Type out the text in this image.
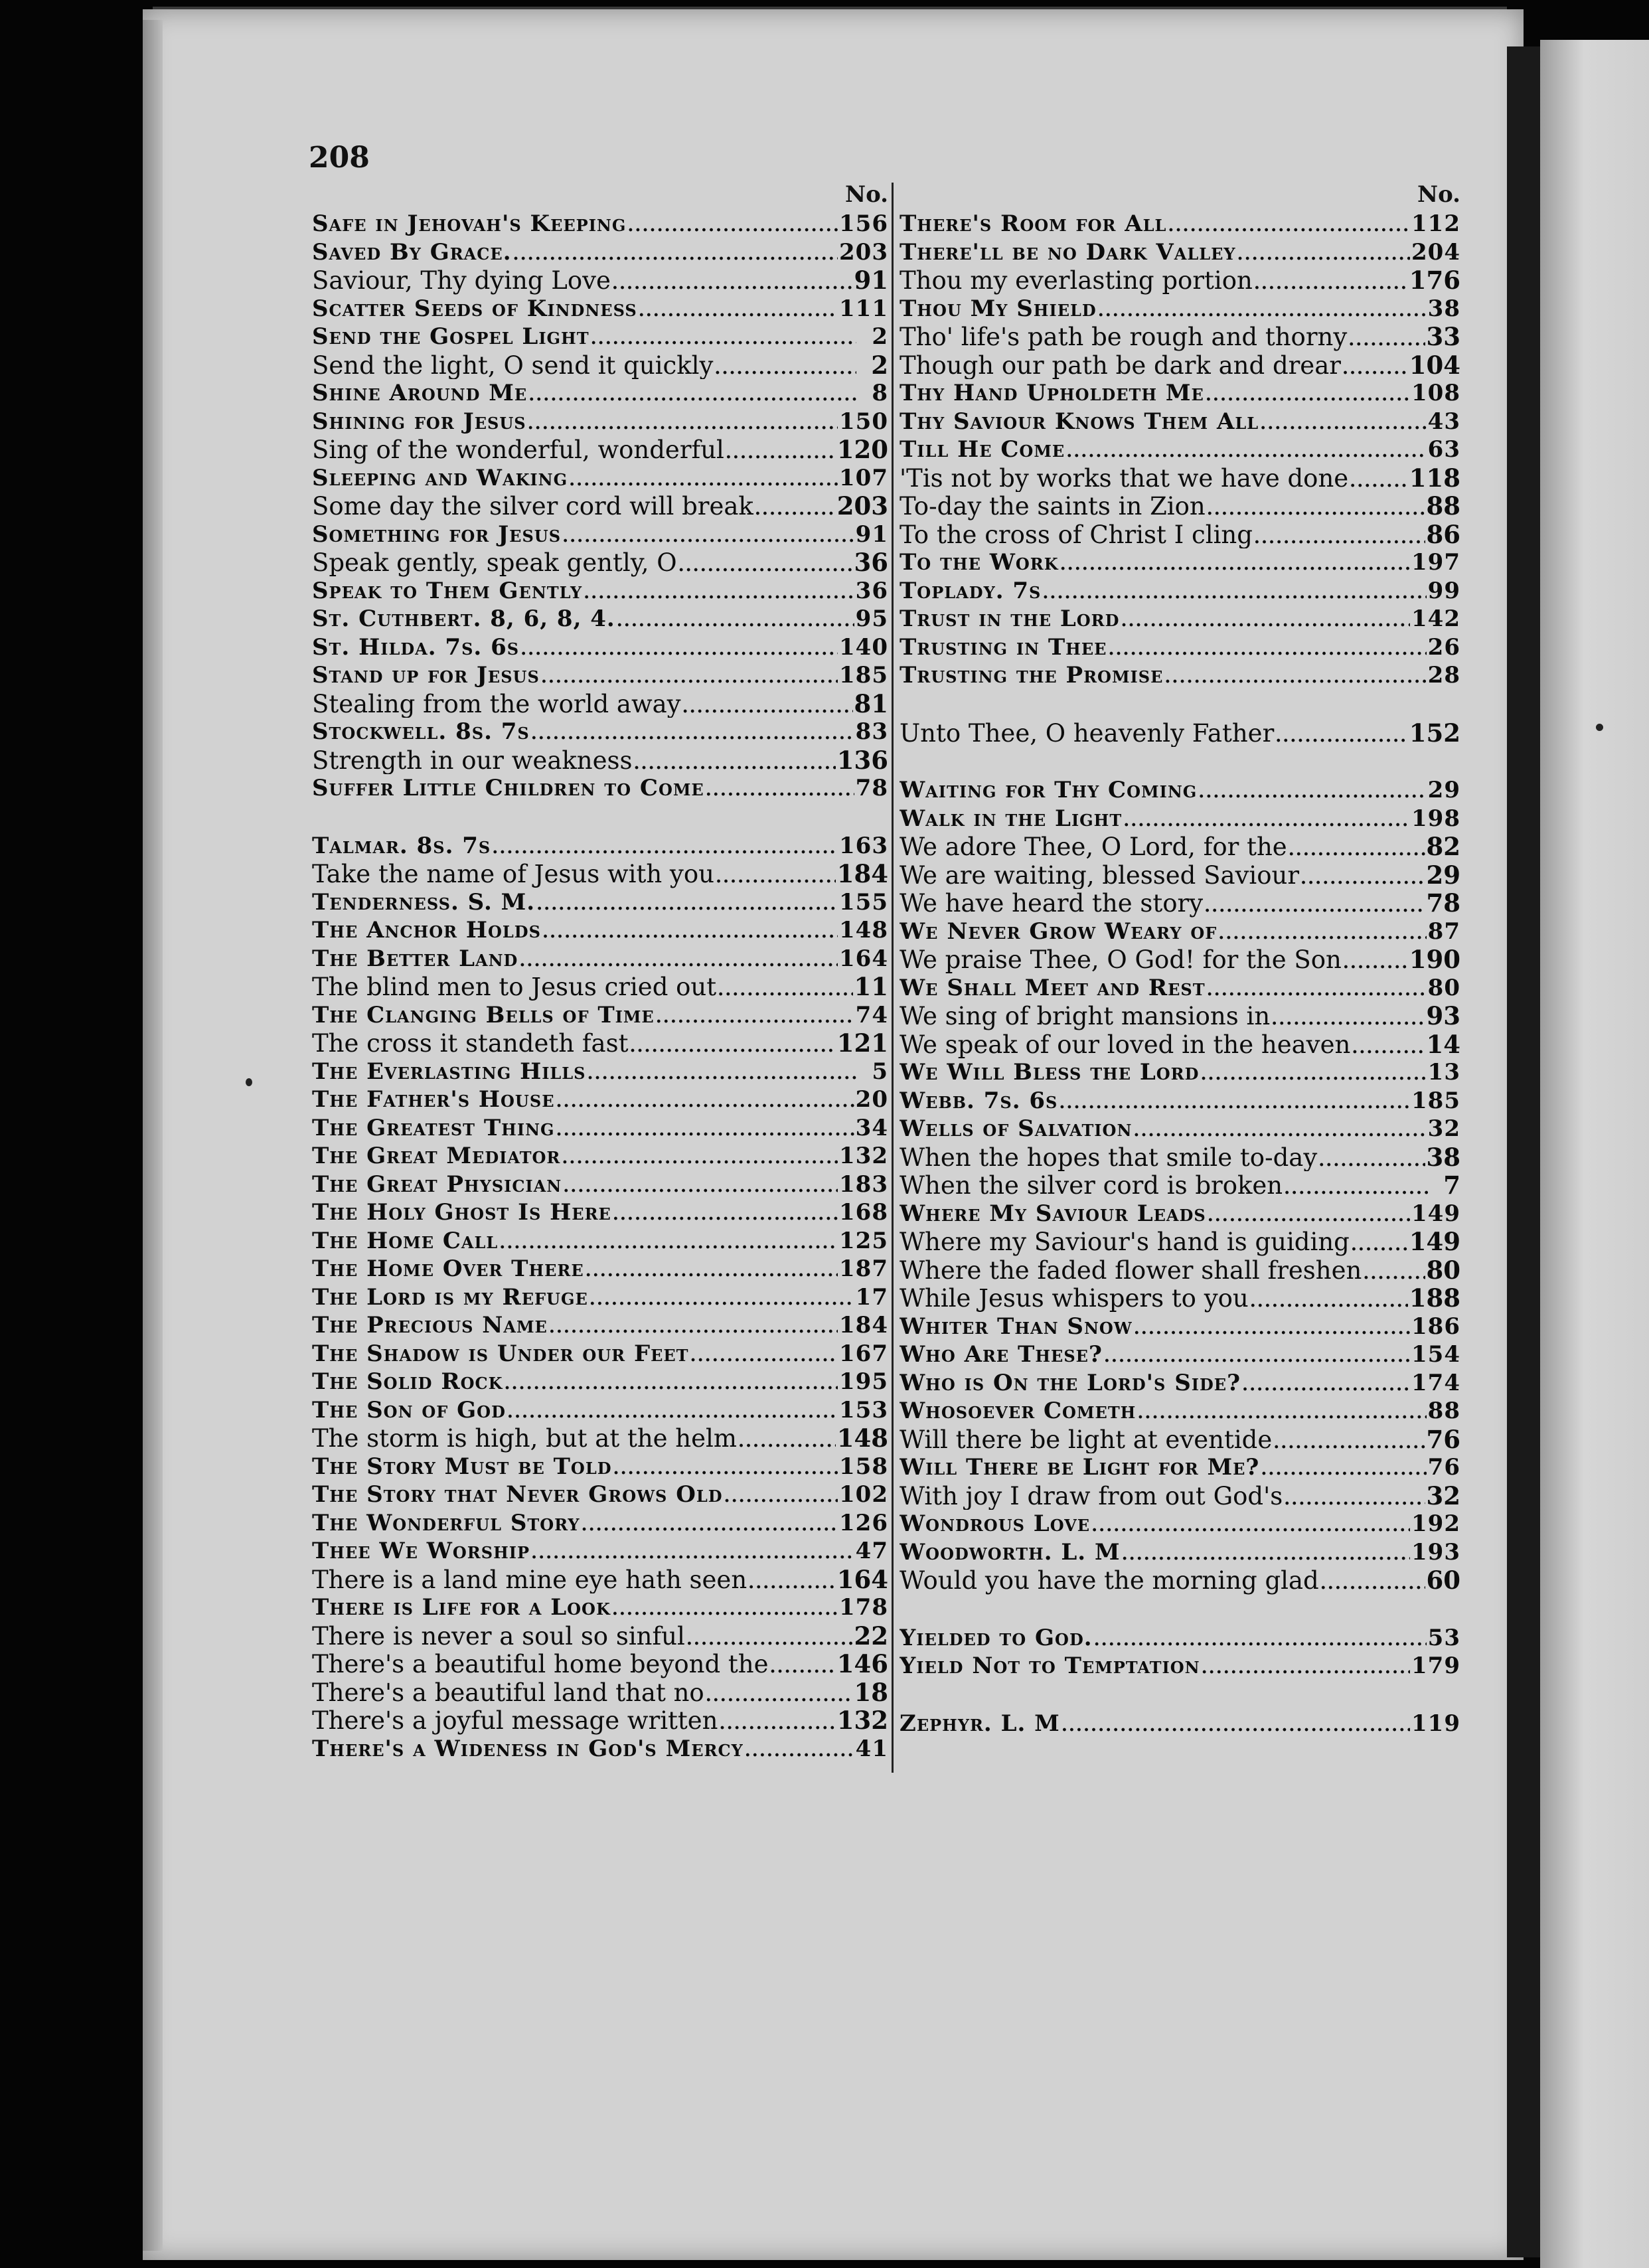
208
No.
Safe in Jehovah's Keeping .....	156
Saved By Grace. .....	203
Saviour, Thy dying Love .....	91
Scatter Seeds of Kindness .....	111
Send the Gospel Light .....	2
Send the light, O send it quickly .....	2
Shine Around Me .....	8
Shining for Jesus .....	150
Sing of the wonderful, wonderful .....	120
Sleeping and Waking .....	107
Some day the silver cord will break .....	203
Something for Jesus .....	91
Speak gently, speak gently, O .....	36
Speak to Them Gently .....	36
St. Cuthbert. 8, 6, 8, 4. .....	95
St. Hilda. 7s. 6s .....	140
Stand up for Jesus .....	185
Stealing from the world away .....	81
Stockwell. 8s. 7s .....	83
Strength in our weakness .....	136
Suffer Little Children to Come .....	78
Talmar. 8s. 7s .....	163
Take the name of Jesus with you .....	184
Tenderness. S. M. .....	155
The Anchor Holds .....	148
The Better Land .....	164
The blind men to Jesus cried out .....	11
The Clanging Bells of Time .....	74
The cross it standeth fast .....	121
The Everlasting Hills .....	5
The Father's House .....	20
The Greatest Thing .....	34
The Great Mediator .....	132
The Great Physician .....	183
The Holy Ghost Is Here .....	168
The Home Call .....	125
The Home Over There .....	187
The Lord is my Refuge .....	17
The Precious Name .....	184
The Shadow is Under our Feet .....	167
The Solid Rock .....	195
The Son of God .....	153
The storm is high, but at the helm .....	148
The Story Must be Told .....	158
The Story that Never Grows Old .....	102
The Wonderful Story .....	126
Thee We Worship .....	47
There is a land mine eye hath seen .....	164
There is Life for a Look .....	178
There is never a soul so sinful .....	22
There's a beautiful home beyond the .....	146
There's a beautiful land that no .....	18
There's a joyful message written .....	132
There's a Wideness in God's Mercy .....	41
No.
There's Room for All .....	112
There'll be no Dark Valley .....	204
Thou my everlasting portion .....	176
Thou My Shield .....	38
Tho' life's path be rough and thorny .....	33
Though our path be dark and drear .....	104
Thy Hand Upholdeth Me .....	108
Thy Saviour Knows Them All .....	43
Till He Come .....	63
'Tis not by works that we have done ..... 118
To-day the saints in Zion .....	88
To the cross of Christ I cling .....	86
To the Work .....	197
Toplady. 7s .....	99
Trust in the Lord .....	142
Trusting in Thee .....	26
Trusting the Promise .....	28
Unto Thee, O heavenly Father .....	152
Waiting for Thy Coming .....	29
Walk in the Light .....	198
We adore Thee, O Lord, for the .....	82
We are waiting, blessed Saviour .....	29
We have heard the story .....	78
We Never Grow Weary of .....	87
We praise Thee, O God! for the Son .....	190
We Shall Meet and Rest .....	80
We sing of bright mansions in .....	93
We speak of our loved in the heaven .....	14
We Will Bless the Lord .....	13
Webb. 7s. 6s .....	185
Wells of Salvation .....	32
When the hopes that smile to-day .....	38
When the silver cord is broken .....	7
Where My Saviour Leads .....	149
Where my Saviour's hand is guiding ..... 149
Where the faded flower shall freshen .....	80
While Jesus whispers to you .....	188
Whiter Than Snow .....	186
Who Are These? .....	154
Who is On the Lord's Side? .....	174
Whosoever Cometh .....	88
Will there be light at eventide .....	76
Will There be Light for Me? .....	76
With joy I draw from out God's .....	32
Wondrous Love .....	192
Woodworth. L. M .....	193
Would you have the morning glad .....	60
Yielded to God. .....	53
Yield Not to Temptation .....	179
Zephyr. L. M .....	119
